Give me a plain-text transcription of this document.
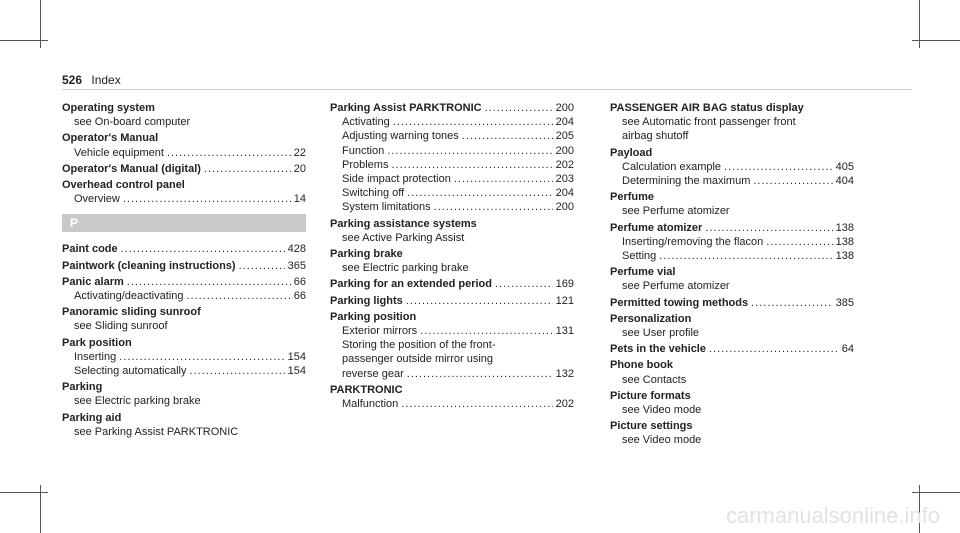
526 Index
Operating system
see On-board computer
Operator's Manual
Vehicle equipment .....	22
Operator's Manual (digital) .....	20
Overhead control panel
Overview .....	14
P
Paint code .....	428
Paintwork (cleaning instructions) .....	365
Panic alarm .....	66
Activating/deactivating .....	66
Panoramic sliding sunroof
see Sliding sunroof
Park position
Inserting .....	154
Selecting automatically .....	154
Parking
see Electric parking brake
Parking aid
see Parking Assist PARKTRONIC
Parking Assist PARKTRONIC .....	200
Activating .....	204
Adjusting warning tones .....	205
Function .....	200
Problems .....	202
Side impact protection .....	203
Switching off .....	204
System limitations .....	200
Parking assistance systems
see Active Parking Assist
Parking brake
see Electric parking brake
Parking for an extended period .....	169
Parking lights .....	121
Parking position
Exterior mirrors .....	131
Storing the position of the front-
passenger outside mirror using
reverse gear .....	132
PARKTRONIC
Malfunction .....	202
PASSENGER AIR BAG status display
see Automatic front passenger front
airbag shutoff
Payload
Calculation example .....	405
Determining the maximum .....	404
Perfume
see Perfume atomizer
Perfume atomizer .....	138
Inserting/removing the flacon .....	138
Setting .....	138
Perfume vial
see Perfume atomizer
Permitted towing methods .....	385
Personalization
see User profile
Pets in the vehicle .....	64
Phone book
see Contacts
Picture formats
see Video mode
Picture settings
see Video mode
carmanualsonline.info
